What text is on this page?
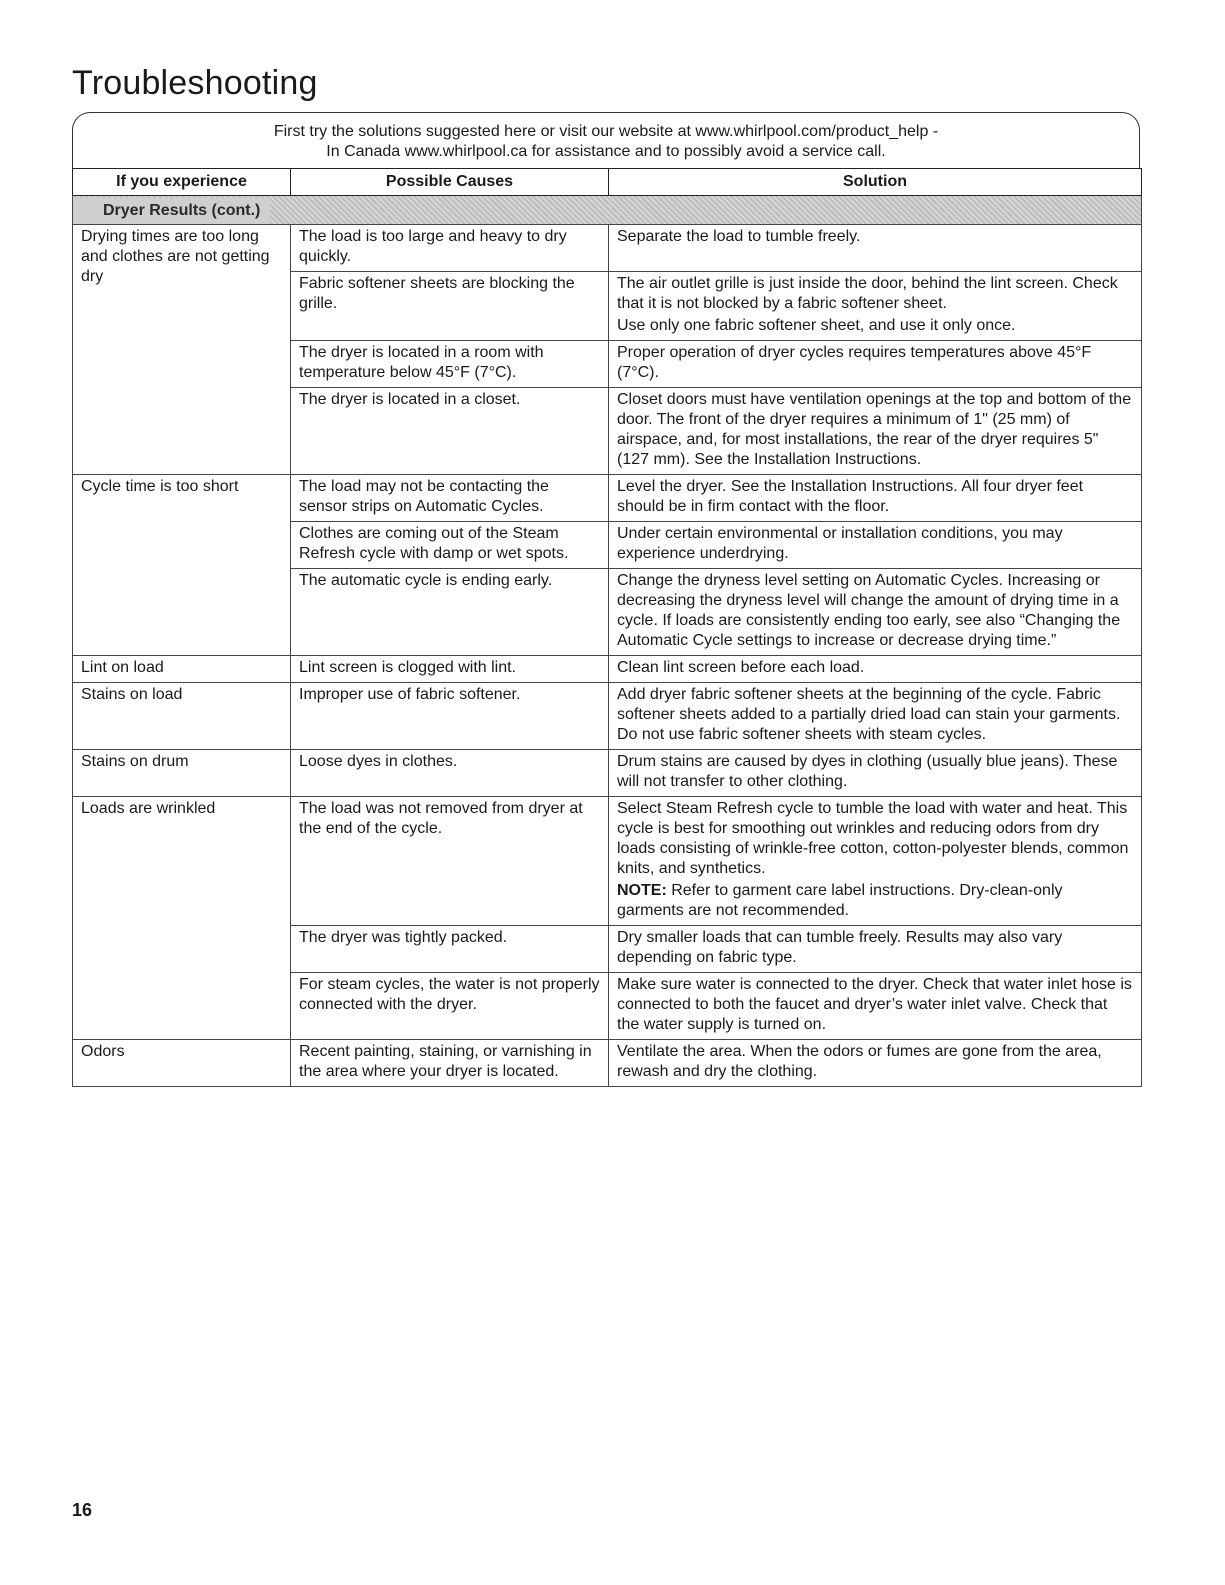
Troubleshooting
First try the solutions suggested here or visit our website at www.whirlpool.com/product_help -
In Canada www.whirlpool.ca for assistance and to possibly avoid a service call.
If you experience	Possible Causes	Solution
Dryer Results (cont.)		
Drying times are too long and clothes are not getting dry	The load is too large and heavy to dry quickly.	Separate the load to tumble freely.

	Fabric softener sheets are blocking the grille.	The air outlet grille is just inside the door, behind the lint screen. Check that it is not blocked by a fabric softener sheet.
Use only one fabric softener sheet, and use it only once.

	The dryer is located in a room with temperature below 45°F (7°C).	Proper operation of dryer cycles requires temperatures above 45°F (7°C).

	The dryer is located in a closet.	Closet doors must have ventilation openings at the top and bottom of the door. The front of the dryer requires a minimum of 1" (25 mm) of airspace, and, for most installations, the rear of the dryer requires 5" (127 mm). See the Installation Instructions.

Cycle time is too short	The load may not be contacting the sensor strips on Automatic Cycles.	Level the dryer. See the Installation Instructions. All four dryer feet should be in firm contact with the floor.

	Clothes are coming out of the Steam Refresh cycle with damp or wet spots.	Under certain environmental or installation conditions, you may experience underdrying.

	The automatic cycle is ending early.	Change the dryness level setting on Automatic Cycles. Increasing or decreasing the dryness level will change the amount of drying time in a cycle. If loads are consistently ending too early, see also “Changing the Automatic Cycle settings to increase or decrease drying time.”

Lint on load	Lint screen is clogged with lint.	Clean lint screen before each load.

Stains on load	Improper use of fabric softener.	Add dryer fabric softener sheets at the beginning of the cycle. Fabric softener sheets added to a partially dried load can stain your garments. Do not use fabric softener sheets with steam cycles.

Stains on drum	Loose dyes in clothes.	Drum stains are caused by dyes in clothing (usually blue jeans). These will not transfer to other clothing.

Loads are wrinkled	The load was not removed from dryer at the end of the cycle.	Select Steam Refresh cycle to tumble the load with water and heat. This cycle is best for smoothing out wrinkles and reducing odors from dry loads consisting of wrinkle-free cotton, cotton-polyester blends, common knits, and synthetics.
NOTE: Refer to garment care label instructions. Dry-clean-only garments are not recommended.

	The dryer was tightly packed.	Dry smaller loads that can tumble freely. Results may also vary depending on fabric type.

	For steam cycles, the water is not properly connected with the dryer.	Make sure water is connected to the dryer. Check that water inlet hose is connected to both the faucet and dryer’s water inlet valve. Check that the water supply is turned on.

Odors	Recent painting, staining, or varnishing in the area where your dryer is located.	Ventilate the area. When the odors or fumes are gone from the area, rewash and dry the clothing.
16
